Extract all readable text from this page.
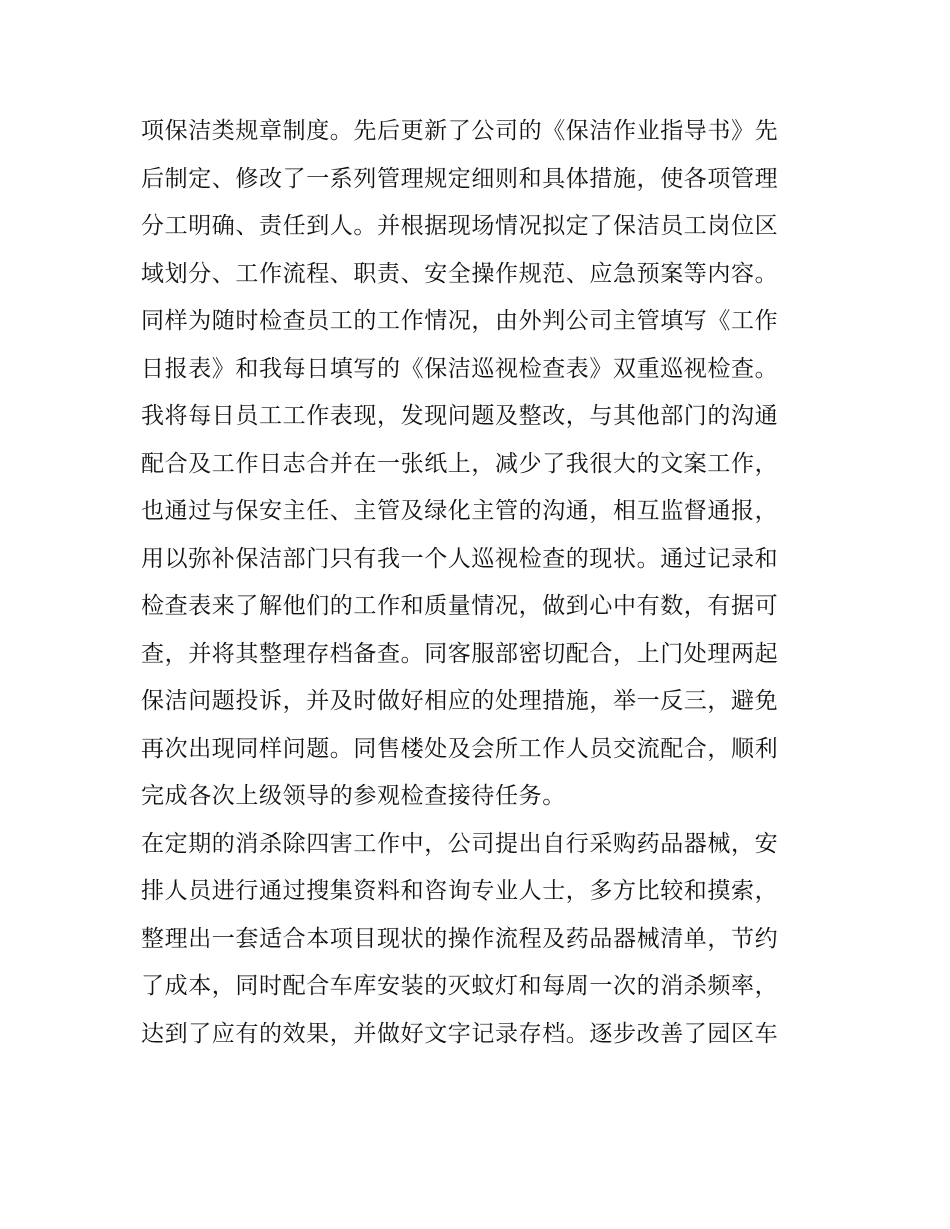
项保洁类规章制度。先后更新了公司的《保洁作业指导书》先
后制定、修改了一系列管理规定细则和具体措施，使各项管理
分工明确、责任到人。并根据现场情况拟定了保洁员工岗位区
域划分、工作流程、职责、安全操作规范、应急预案等内容。
同样为随时检查员工的工作情况，由外判公司主管填写《工作
日报表》和我每日填写的《保洁巡视检查表》双重巡视检查。
我将每日员工工作表现，发现问题及整改，与其他部门的沟通
配合及工作日志合并在一张纸上，减少了我很大的文案工作，
也通过与保安主任、主管及绿化主管的沟通，相互监督通报，
用以弥补保洁部门只有我一个人巡视检查的现状。通过记录和
检查表来了解他们的工作和质量情况，做到心中有数，有据可
查，并将其整理存档备查。同客服部密切配合，上门处理两起
保洁问题投诉，并及时做好相应的处理措施，举一反三，避免
再次出现同样问题。同售楼处及会所工作人员交流配合，顺利
完成各次上级领导的参观检查接待任务。
在定期的消杀除四害工作中，公司提出自行采购药品器械，安
排人员进行通过搜集资料和咨询专业人士，多方比较和摸索，
整理出一套适合本项目现状的操作流程及药品器械清单，节约
了成本，同时配合车库安装的灭蚊灯和每周一次的消杀频率，
达到了应有的效果，并做好文字记录存档。逐步改善了园区车
